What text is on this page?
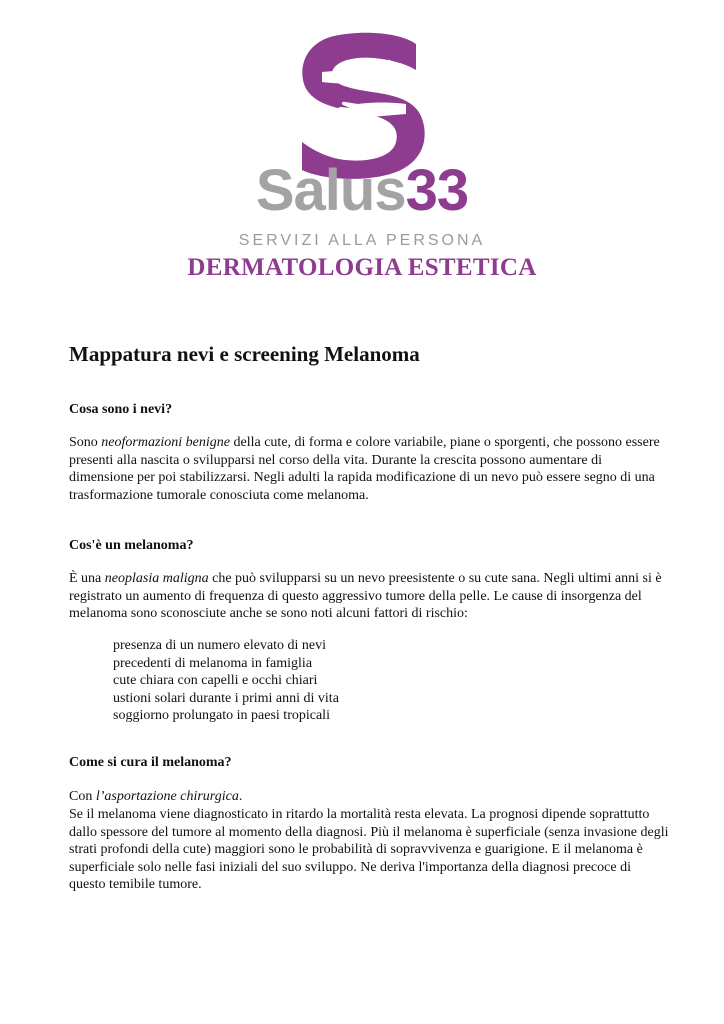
Salus33
SERVIZI ALLA PERSONA
DERMATOLOGIA ESTETICA
Mappatura nevi e screening Melanoma
Cosa sono i nevi?

Sono neoformazioni benigne della cute, di forma e colore variabile, piane o sporgenti, che possono essere presenti alla nascita o svilupparsi nel corso della vita. Durante la crescita possono aumentare di dimensione per poi stabilizzarsi. Negli adulti la rapida modificazione di un nevo può essere segno di una trasformazione tumorale conosciuta come melanoma.

Cos'è un melanoma?

È una neoplasia maligna che può svilupparsi su un nevo preesistente o su cute sana. Negli ultimi anni si è registrato un aumento di frequenza di questo aggressivo tumore della pelle. Le cause di insorgenza del melanoma sono sconosciute anche se sono noti alcuni fattori di rischio:

presenza di un numero elevato di nevi
precedenti di melanoma in famiglia
cute chiara con capelli e occhi chiari
ustioni solari durante i primi anni di vita
soggiorno prolungato in paesi tropicali
Come si cura il melanoma?

Con l’asportazione chirurgica.

Se il melanoma viene diagnosticato in ritardo la mortalità resta elevata. La prognosi dipende soprattutto dallo spessore del tumore al momento della diagnosi. Più il melanoma è superficiale (senza invasione degli strati profondi della cute) maggiori sono le probabilità di sopravvivenza e guarigione. E il melanoma è superficiale solo nelle fasi iniziali del suo sviluppo. Ne deriva l'importanza della diagnosi precoce di questo temibile tumore.
